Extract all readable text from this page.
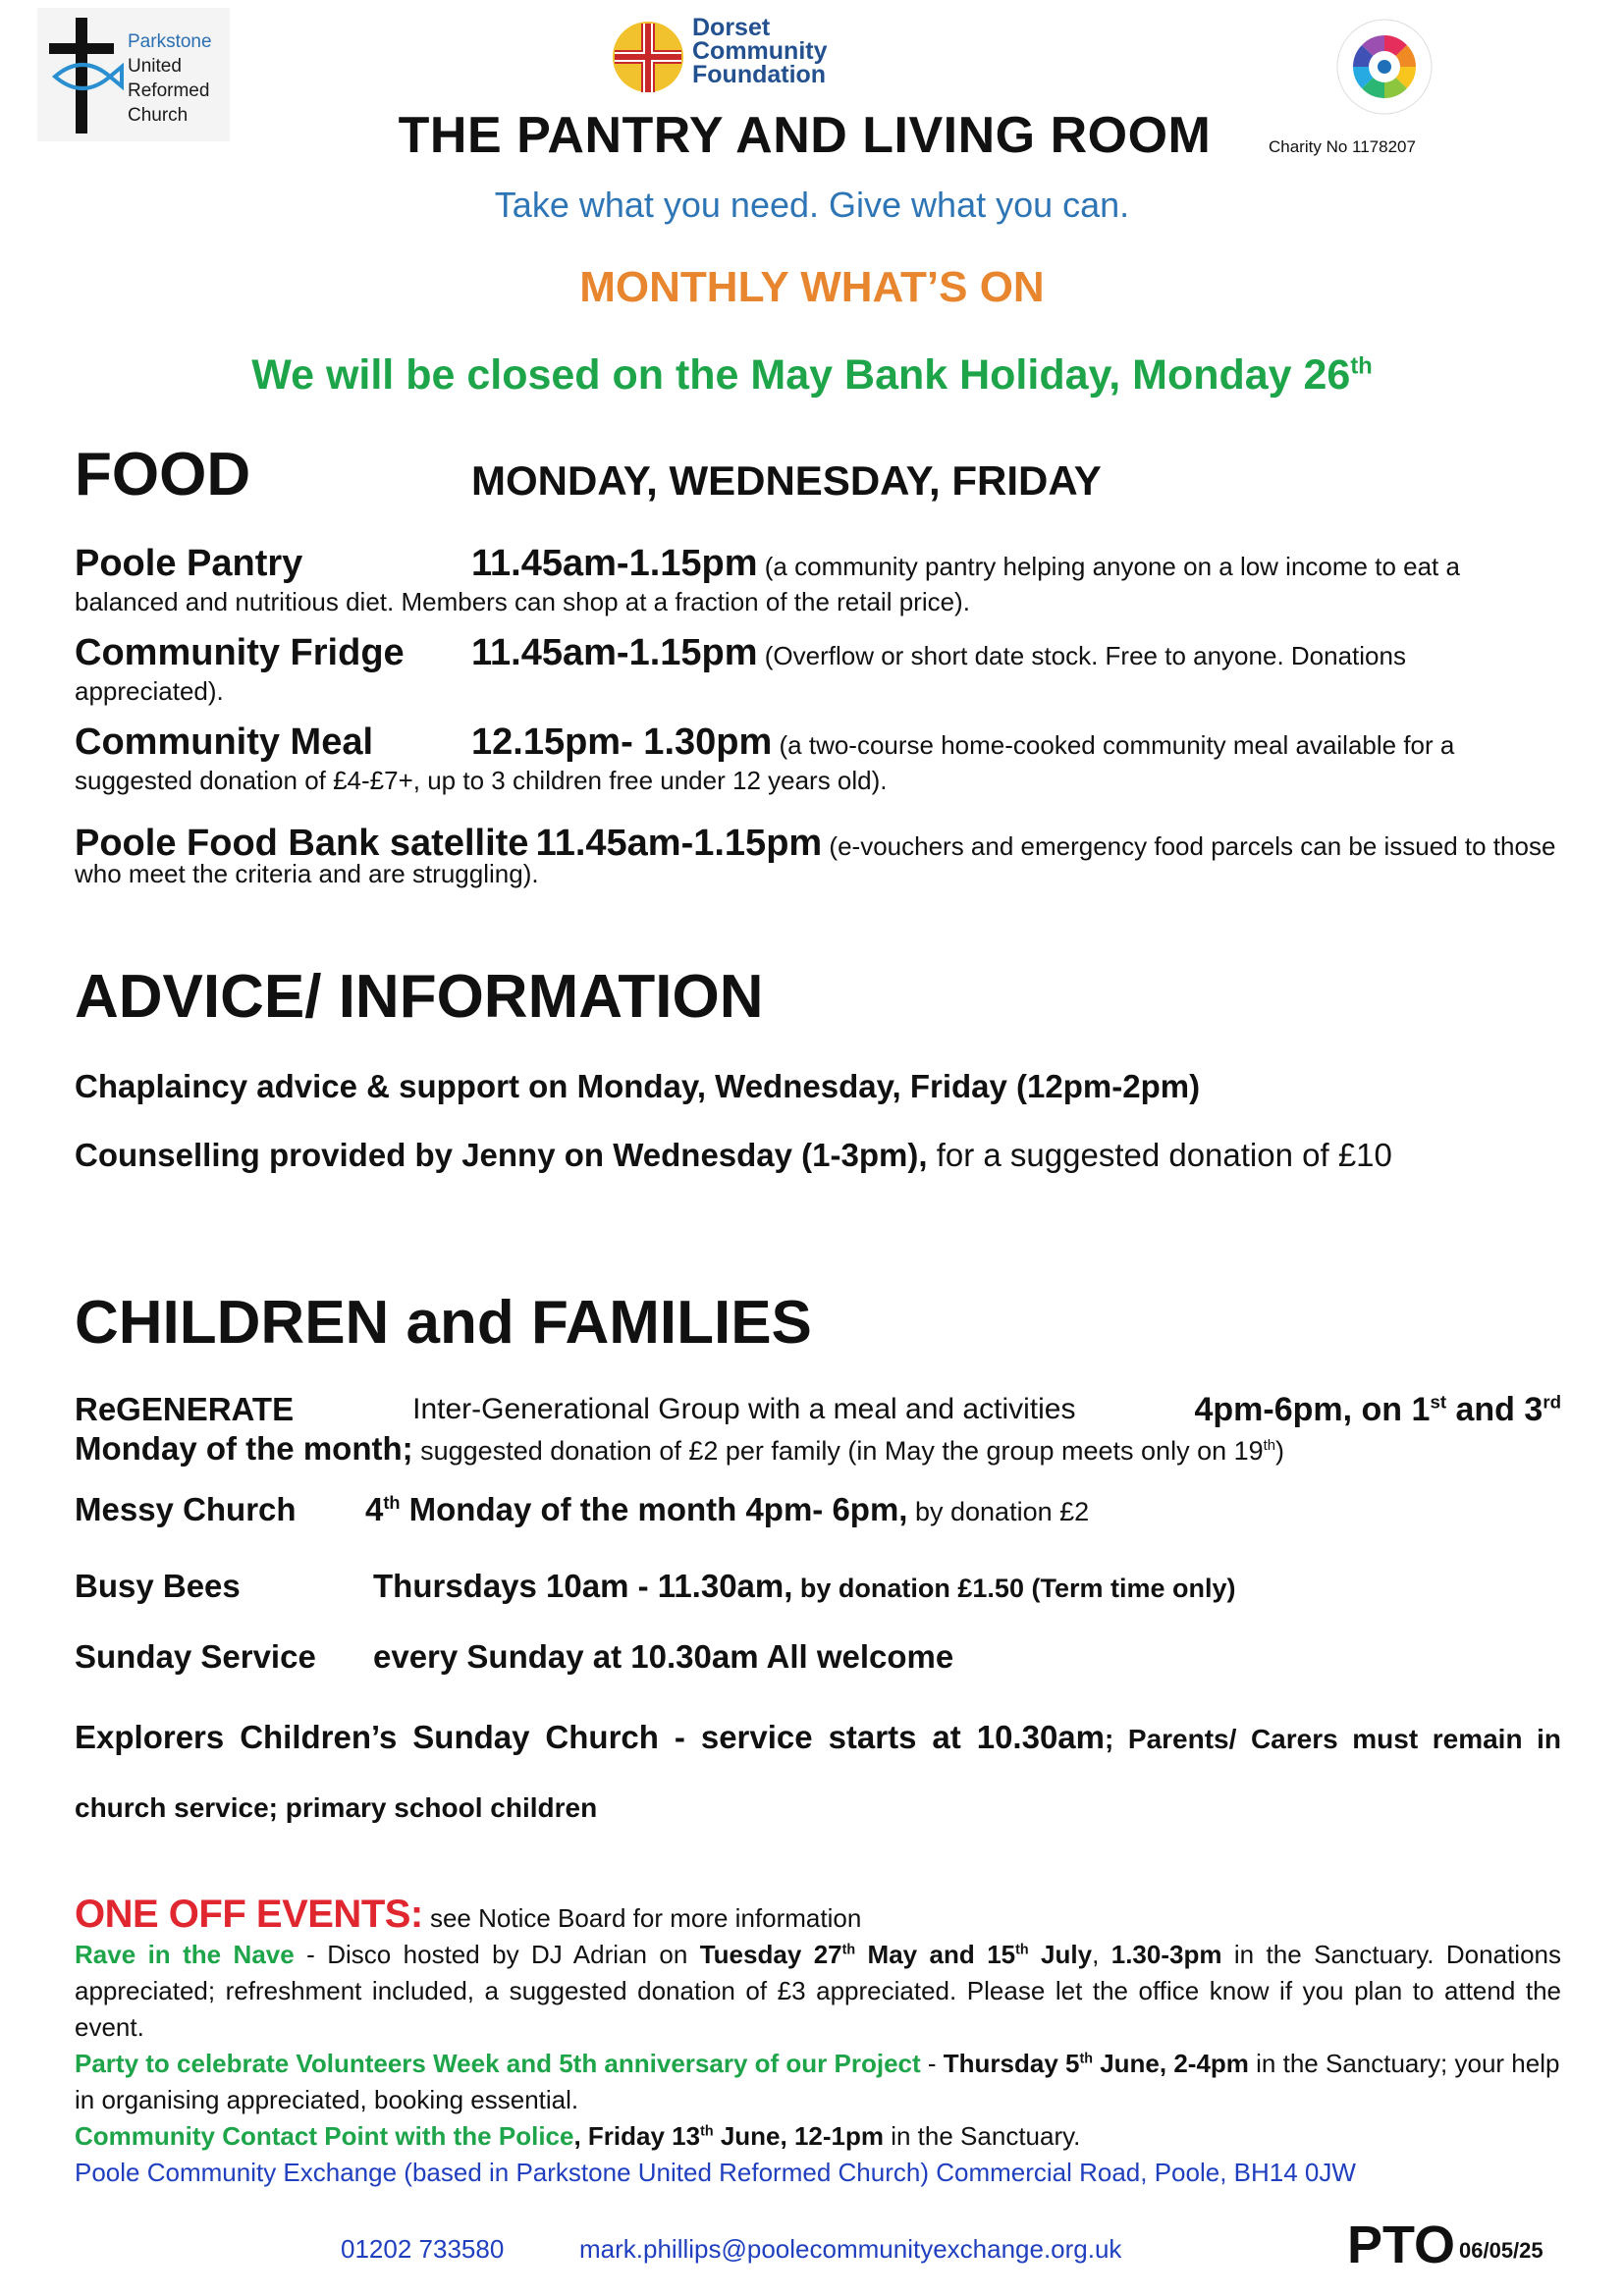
Parkstone
United
Reformed
Church
Dorset
Community
Foundation
THE PANTRY AND LIVING ROOM	Charity No 1178207
Take what you need. Give what you can.
MONTHLY WHAT’S ON
We will be closed on the May Bank Holiday, Monday 26th
FOOD	MONDAY, WEDNESDAY, FRIDAY
Poole Pantry	11.45am-1.15pm (a community pantry helping anyone on a low income to eat a balanced and nutritious diet. Members can shop at a fraction of the retail price).
Community Fridge 11.45am-1.15pm (Overflow or short date stock. Free to anyone. Donations appreciated).
Community Meal	12.15pm- 1.30pm (a two-course home-cooked community meal available for a suggested donation of £4-£7+, up to 3 children free under 12 years old).
Poole Food Bank satellite 11.45am-1.15pm (e-vouchers and emergency food parcels can be issued to those who meet the criteria and are struggling).
ADVICE/ INFORMATION
Chaplaincy advice & support on Monday, Wednesday, Friday (12pm-2pm)
Counselling provided by Jenny on Wednesday (1-3pm), for a suggested donation of £10
CHILDREN and FAMILIES
ReGENERATE	Inter-Generational Group with a meal and activities	4pm-6pm, on 1st and 3rd
Monday of the month; suggested donation of £2 per family (in May the group meets only on 19th)
Messy Church 4th Monday of the month 4pm- 6pm, by donation £2
Busy Bees	Thursdays 10am - 11.30am, by donation £1.50 (Term time only)
Sunday Service every Sunday at 10.30am All welcome
Explorers Children’s Sunday Church - service starts at 10.30am; Parents/ Carers must remain in church service; primary school children
ONE OFF EVENTS: see Notice Board for more information
Rave in the Nave - Disco hosted by DJ Adrian on Tuesday 27th May and 15th July, 1.30-3pm in the Sanctuary. Donations appreciated; refreshment included, a suggested donation of £3 appreciated. Please let the office know if you plan to attend the event.
Party to celebrate Volunteers Week and 5th anniversary of our Project - Thursday 5th June, 2-4pm in the Sanctuary; your help in organising appreciated, booking essential.
Community Contact Point with the Police, Friday 13th June, 12-1pm in the Sanctuary.
Poole Community Exchange (based in Parkstone United Reformed Church) Commercial Road, Poole, BH14 0JW
01202 733580	mark.phillips@poolecommunityexchange.org.uk	PTO 06/05/25
